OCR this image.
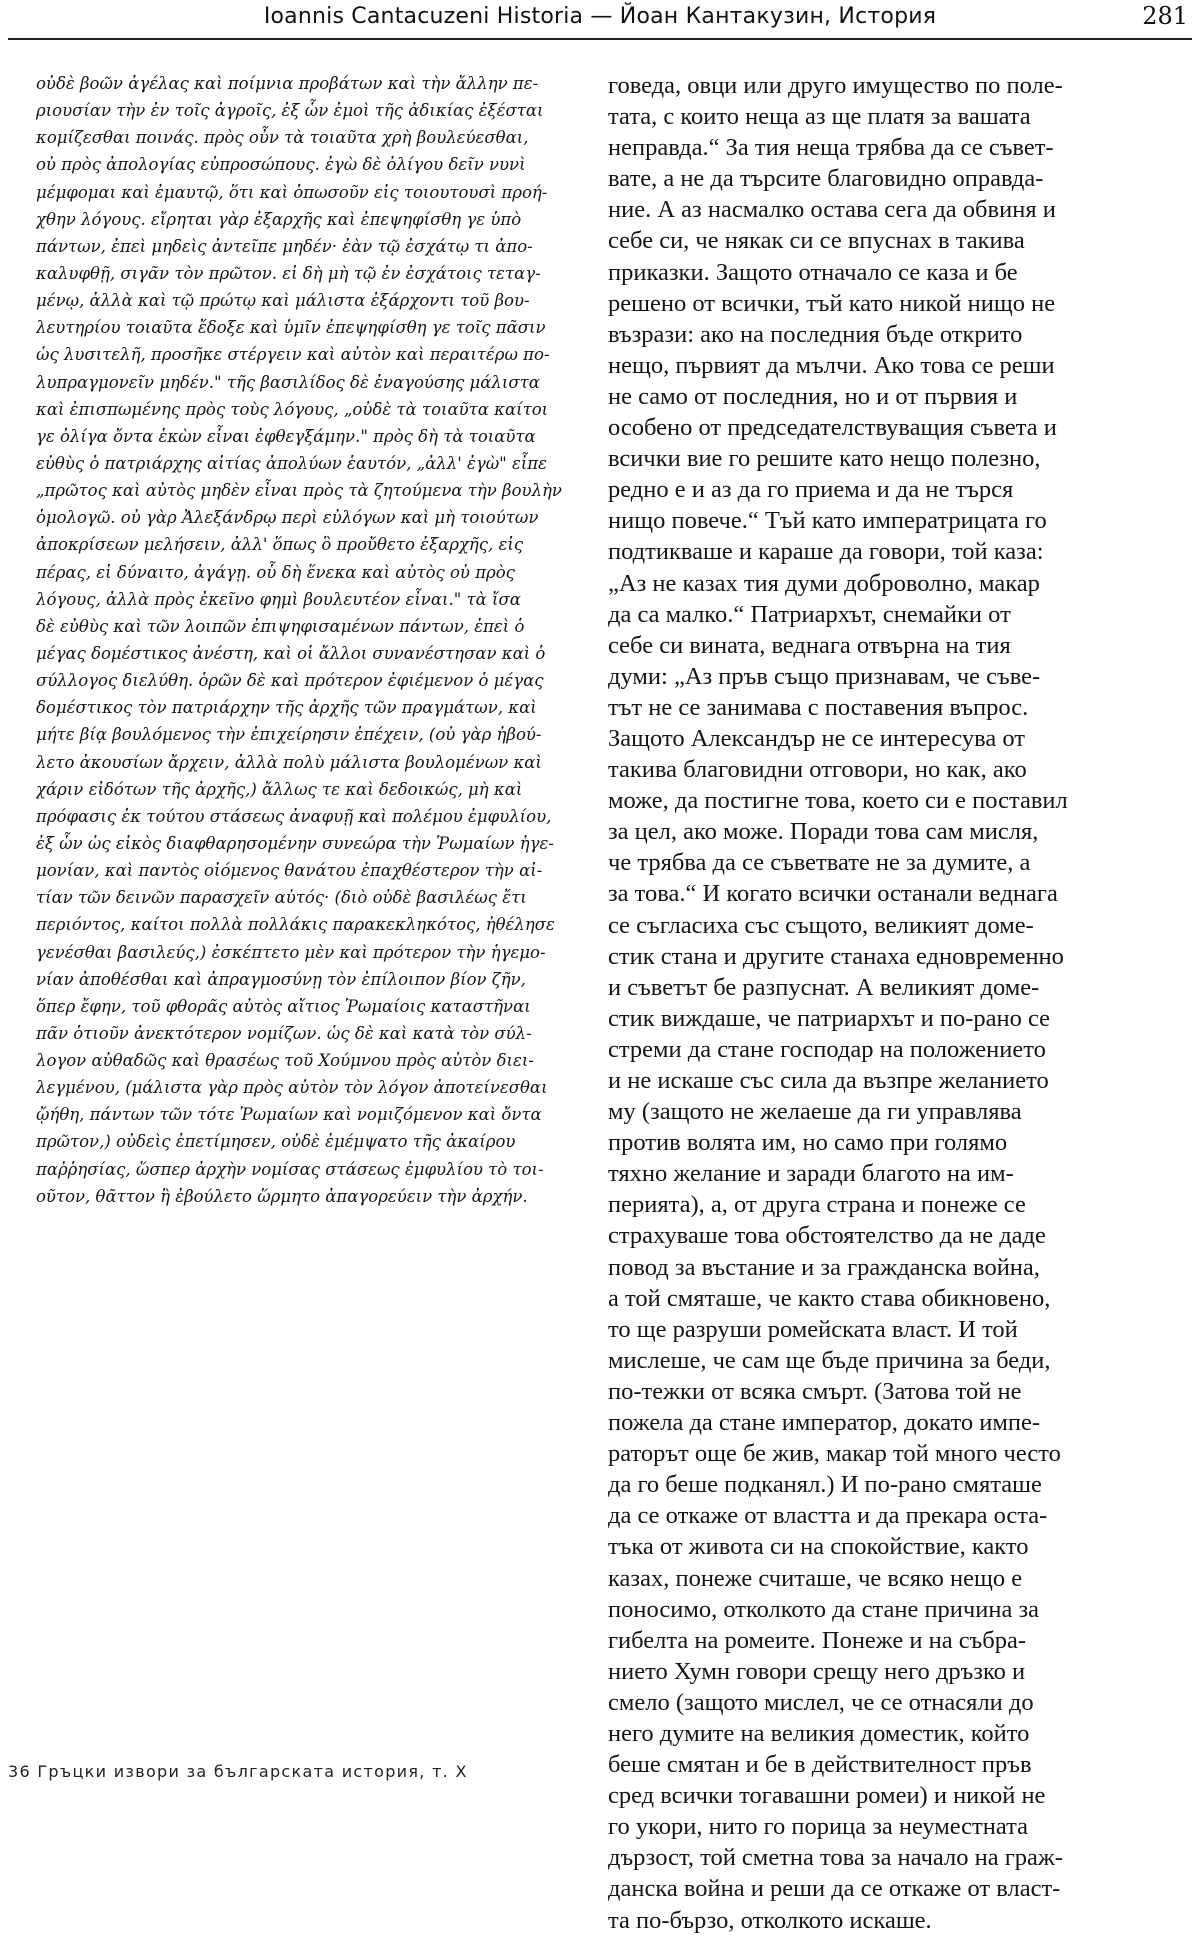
Ioannis Cantacuzeni Historia — Йоан Кантакузин, История	281
οὐδὲ βοῶν ἀγέλας καὶ ποίμνια προβάτων καὶ τὴν ἄλλην πε-
ριουσίαν τὴν ἐν τοῖς ἀγροῖς, ἐξ ὧν ἐμοὶ τῆς ἀδικίας ἐξέσται
κομίζεσθαι ποινάς. πρὸς οὖν τὰ τοιαῦτα χρὴ βουλεύεσθαι,
οὐ πρὸς ἀπολογίας εὐπροσώπους. ἐγὼ δὲ ὀλίγου δεῖν νυνὶ
μέμφομαι καὶ ἐμαυτῷ, ὅτι καὶ ὁπωσοῦν εἰς τοιουτουσὶ προή-
χθην λόγους. εἴρηται γὰρ ἐξαρχῆς καὶ ἐπεψηφίσθη γε ὑπὸ
πάντων, ἐπεὶ μηδεὶς ἀντεῖπε μηδέν· ἐὰν τῷ ἐσχάτῳ τι ἀπο-
καλυφθῇ, σιγᾶν τὸν πρῶτον. εἰ δὴ μὴ τῷ ἐν ἐσχάτοις τεταγ-
μένῳ, ἀλλὰ καὶ τῷ πρώτῳ καὶ μάλιστα ἐξάρχοντι τοῦ βου-
λευτηρίου τοιαῦτα ἔδοξε καὶ ὑμῖν ἐπεψηφίσθη γε τοῖς πᾶσιν
ὡς λυσιτελῆ, προσῆκε στέργειν καὶ αὐτὸν καὶ περαιτέρω πο-
λυπραγμονεῖν μηδέν." τῆς βασιλίδος δὲ ἐναγούσης μάλιστα
καὶ ἐπισπωμένης πρὸς τοὺς λόγους, „οὐδὲ τὰ τοιαῦτα καίτοι
γε ὀλίγα ὄντα ἑκὼν εἶναι ἐφθεγξάμην." πρὸς δὴ τὰ τοιαῦτα
εὐθὺς ὁ πατριάρχης αἰτίας ἀπολύων ἑαυτόν, „ἀλλ' ἐγὼ" εἶπε
„πρῶτος καὶ αὐτὸς μηδὲν εἶναι πρὸς τὰ ζητούμενα τὴν βουλὴν
ὁμολογῶ. οὐ γὰρ Ἀλεξάνδρῳ περὶ εὐλόγων καὶ μὴ τοιούτων
ἀποκρίσεων μελήσειν, ἀλλ' ὅπως ὃ προὔθετο ἐξαρχῆς, εἰς
πέρας, εἰ δύναιτο, ἀγάγῃ. οὗ δὴ ἕνεκα καὶ αὐτὸς οὐ πρὸς
λόγους, ἀλλὰ πρὸς ἐκεῖνο φημὶ βουλευτέον εἶναι." τὰ ἴσα
δὲ εὐθὺς καὶ τῶν λοιπῶν ἐπιψηφισαμένων πάντων, ἐπεὶ ὁ
μέγας δομέστικος ἀνέστη, καὶ οἱ ἄλλοι συνανέστησαν καὶ ὁ
σύλλογος διελύθη. ὁρῶν δὲ καὶ πρότερον ἐφιέμενον ὁ μέγας
δομέστικος τὸν πατριάρχην τῆς ἀρχῆς τῶν πραγμάτων, καὶ
μήτε βίᾳ βουλόμενος τὴν ἐπιχείρησιν ἐπέχειν, (οὐ γὰρ ἠβού-
λετο ἀκουσίων ἄρχειν, ἀλλὰ πολὺ μάλιστα βουλομένων καὶ
χάριν εἰδότων τῆς ἀρχῆς,) ἄλλως τε καὶ δεδοικώς, μὴ καὶ
πρόφασις ἐκ τούτου στάσεως ἀναφυῇ καὶ πολέμου ἐμφυλίου,
ἐξ ὧν ὡς εἰκὸς διαφθαρησομένην συνεώρα τὴν Ῥωμαίων ἡγε-
μονίαν, καὶ παντὸς οἰόμενος θανάτου ἐπαχθέστερον τὴν αἰ-
τίαν τῶν δεινῶν παρασχεῖν αὐτός· (διὸ οὐδὲ βασιλέως ἔτι
περιόντος, καίτοι πολλὰ πολλάκις παρακεκληκότος, ἠθέλησε
γενέσθαι βασιλεύς,) ἐσκέπτετο μὲν καὶ πρότερον τὴν ἡγεμο-
νίαν ἀποθέσθαι καὶ ἀπραγμοσύνῃ τὸν ἐπίλοιπον βίον ζῆν,
ὅπερ ἔφην, τοῦ φθορᾶς αὐτὸς αἴτιος Ῥωμαίοις καταστῆναι
πᾶν ὁτιοῦν ἀνεκτότερον νομίζων. ὡς δὲ καὶ κατὰ τὸν σύλ-
λογον αὐθαδῶς καὶ θρασέως τοῦ Χούμνου πρὸς αὐτὸν διει-
λεγμένου, (μάλιστα γὰρ πρὸς αὐτὸν τὸν λόγον ἀποτείνεσθαι
ᾤήθη, πάντων τῶν τότε Ῥωμαίων καὶ νομιζόμενον καὶ ὄντα
πρῶτον,) οὐδεὶς ἐπετίμησεν, οὐδὲ ἐμέμψατο τῆς ἀκαίρου
παῤῥησίας, ὥσπερ ἀρχὴν νομίσας στάσεως ἐμφυλίου τὸ τοι-
οῦτον, θᾶττον ἢ ἐβούλετο ὥρμητο ἀπαγορεύειν τὴν ἀρχήν.
говеда, овци или друго имущество по поле-
тата, с които неща аз ще платя за вашата
неправда.“ За тия неща трябва да се съвет-
вате, а не да търсите благовидно оправда-
ние. А аз насмалко остава сега да обвиня и
себе си, че някак си се впуснах в такива
приказки. Защото отначало се каза и бе
решено от всички, тъй като никой нищо не
възрази: ако на последния бъде открито
нещо, първият да мълчи. Ако това се реши
не само от последния, но и от първия и
особено от председателствуващия съвета и
всички вие го решите като нещо полезно,
редно е и аз да го приема и да не търся
нищо повече.“ Тъй като императрицата го
подтикваше и караше да говори, той каза:
„Аз не казах тия думи доброволно, макар
да са малко.“ Патриархът, снемайки от
себе си вината, веднага отвърна на тия
думи: „Аз пръв също признавам, че съве-
тът не се занимава с поставения въпрос.
Защото Александър не се интересува от
такива благовидни отговори, но как, ако
може, да постигне това, което си е поставил
за цел, ако може. Поради това сам мисля,
че трябва да се съветвате не за думите, а
за това.“ И когато всички останали веднага
се съгласиха със същото, великият доме-
стик стана и другите станаха едновременно
и съветът бе разпуснат. А великият доме-
стик виждаше, че патриархът и по-рано се
стреми да стане господар на положението
и не искаше със сила да възпре желанието
му (защото не желаеше да ги управлява
против волята им, но само при голямо
тяхно желание и заради благото на им-
перията), а, от друга страна и понеже се
страхуваше това обстоятелство да не даде
повод за въстание и за гражданска война,
а той смяташе, че както става обикновено,
то ще разруши ромейската власт. И той
мислеше, че сам ще бъде причина за беди,
по-тежки от всяка смърт. (Затова той не
пожела да стане император, докато импе-
раторът още бе жив, макар той много често
да го беше подканял.) И по-рано смяташе
да се откаже от властта и да прекара оста-
тъка от живота си на спокойствие, както
казах, понеже считаше, че всяко нещо е
поносимо, отколкото да стане причина за
гибелта на ромеите. Понеже и на събра-
нието Хумн говори срещу него дръзко и
смело (защото мислел, че се отнасяли до
него думите на великия доместик, който
беше смятан и бе в действителност пръв
сред всички тогавашни ромеи) и никой не
го укори, нито го порица за неуместната
дързост, той сметна това за начало на граж-
данска война и реши да се откаже от власт-
та по-бързо, отколкото искаше.
36 Гръцки извори за българската история, т. X
